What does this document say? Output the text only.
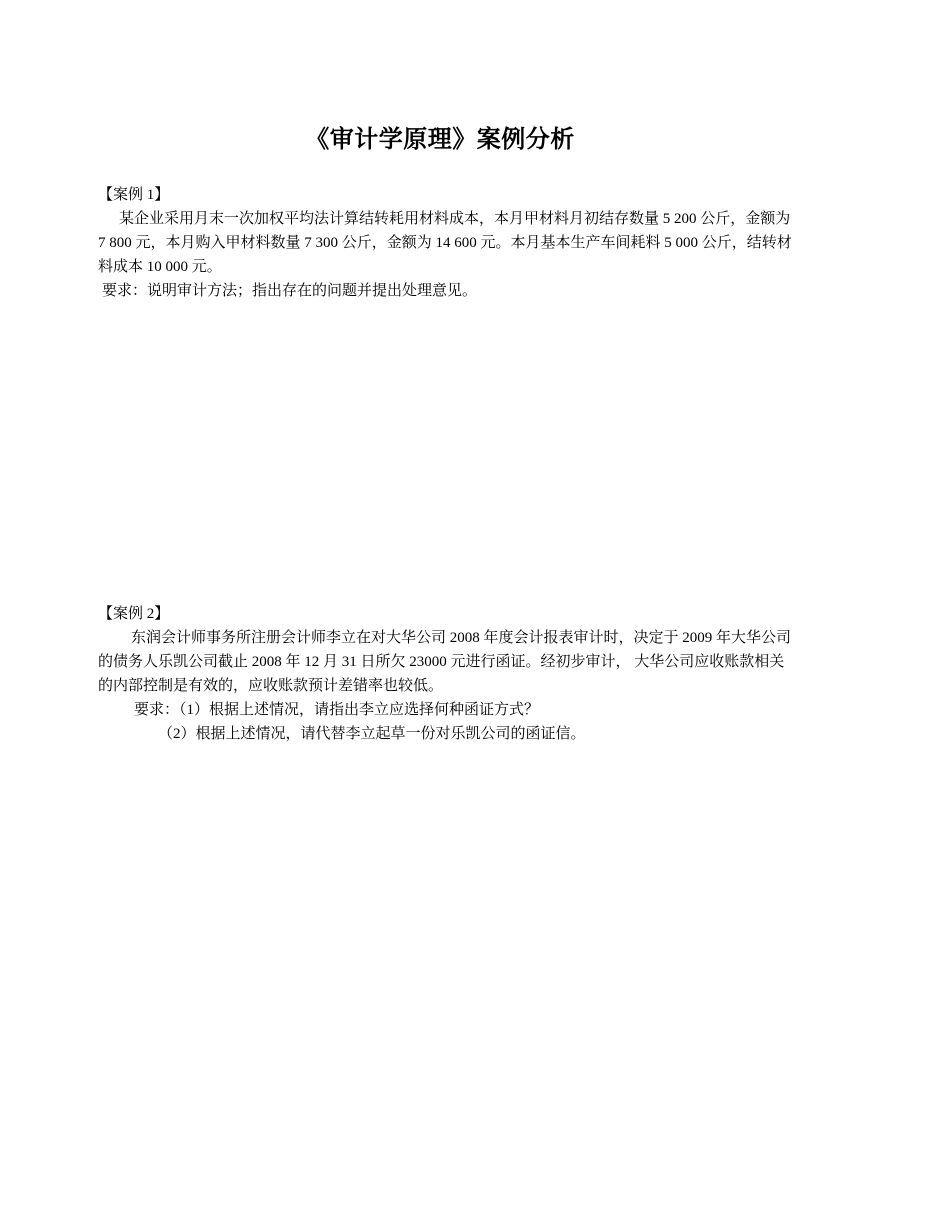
《审计学原理》案例分析

【案例 1】

某企业采用月末一次加权平均法计算结转耗用材料成本，本月甲材料月初结存数量 5 200 公斤，金额为

7 800 元，本月购入甲材料数量 7 300 公斤，金额为 14 600 元。本月基本生产车间耗料 5 000 公斤，结转材

料成本 10 000 元。

要求：说明审计方法；指出存在的问题并提出处理意见。

【案例 2】

东润会计师事务所注册会计师李立在对大华公司 2008 年度会计报表审计时，决定于 2009 年大华公司

的债务人乐凯公司截止 2008 年 12 月 31 日所欠 23000 元进行函证。经初步审计， 大华公司应收账款相关

的内部控制是有效的，应收账款预计差错率也较低。

要求：（1）根据上述情况，请指出李立应选择何种函证方式？

（2）根据上述情况，请代替李立起草一份对乐凯公司的函证信。
